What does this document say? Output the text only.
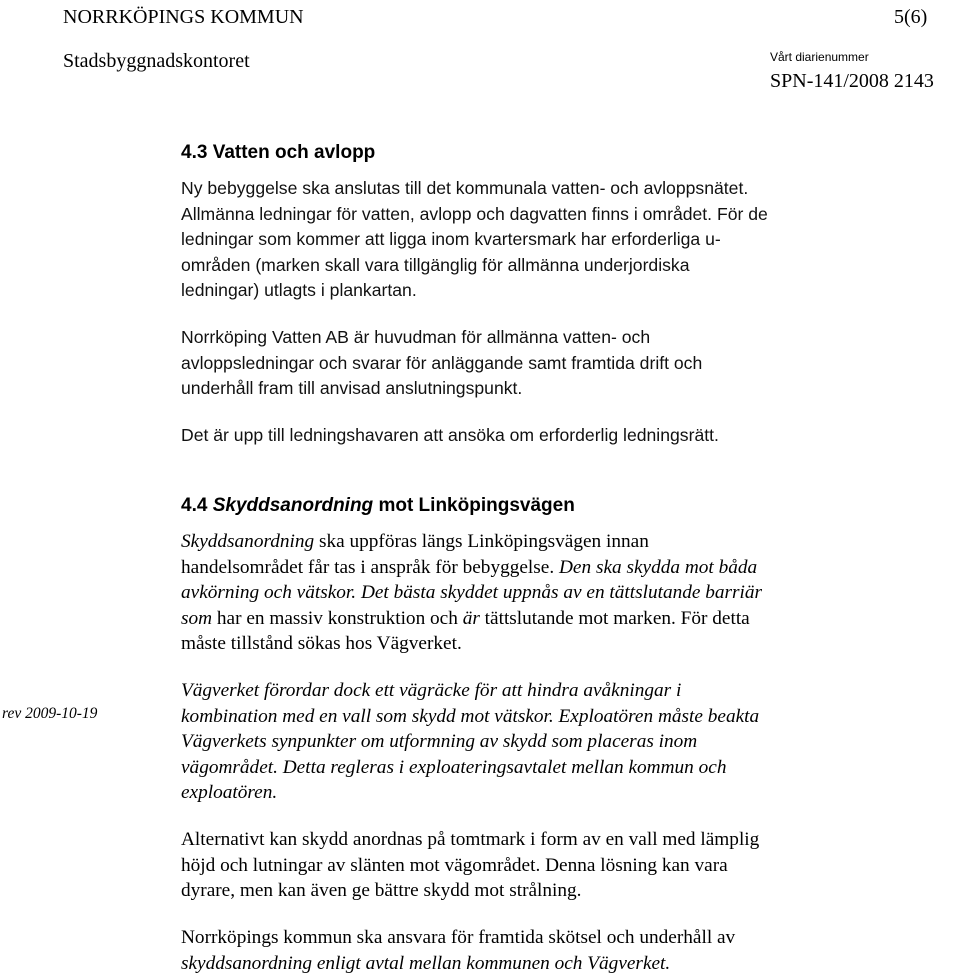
NORRKÖPINGS KOMMUN	5(6)
Stadsbyggnadskontoret	Vårt diarienummer
SPN-141/2008 2143
4.3 Vatten och avlopp
Ny bebyggelse ska anslutas till det kommunala vatten- och avloppsnätet.
Allmänna ledningar för vatten, avlopp och dagvatten finns i området. För de
ledningar som kommer att ligga inom kvartersmark har erforderliga u-
områden (marken skall vara tillgänglig för allmänna underjordiska
ledningar) utlagts i plankartan.
Norrköping Vatten AB är huvudman för allmänna vatten- och
avloppsledningar och svarar för anläggande samt framtida drift och
underhåll fram till anvisad anslutningspunkt.
Det är upp till ledningshavaren att ansöka om erforderlig ledningsrätt.
4.4 Skyddsanordning mot Linköpingsvägen
Skyddsanordning ska uppföras längs Linköpingsvägen innan
handelsområdet får tas i anspråk för bebyggelse. Den ska skydda mot båda
avkörning och vätskor. Det bästa skyddet uppnås av en tättslutande barriär
som har en massiv konstruktion och är tättslutande mot marken. För detta
måste tillstånd sökas hos Vägverket.
rev 2009-10-19
Vägverket förordar dock ett vägräcke för att hindra avåkningar i
kombination med en vall som skydd mot vätskor. Exploatören måste beakta
Vägverkets synpunkter om utformning av skydd som placeras inom
vägområdet. Detta regleras i exploateringsavtalet mellan kommun och
exploatören.
Alternativt kan skydd anordnas på tomtmark i form av en vall med lämplig
höjd och lutningar av slänten mot vägområdet. Denna lösning kan vara
dyrare, men kan även ge bättre skydd mot strålning.
Norrköpings kommun ska ansvara för framtida skötsel och underhåll av
skyddsanordning enligt avtal mellan kommunen och Vägverket.
